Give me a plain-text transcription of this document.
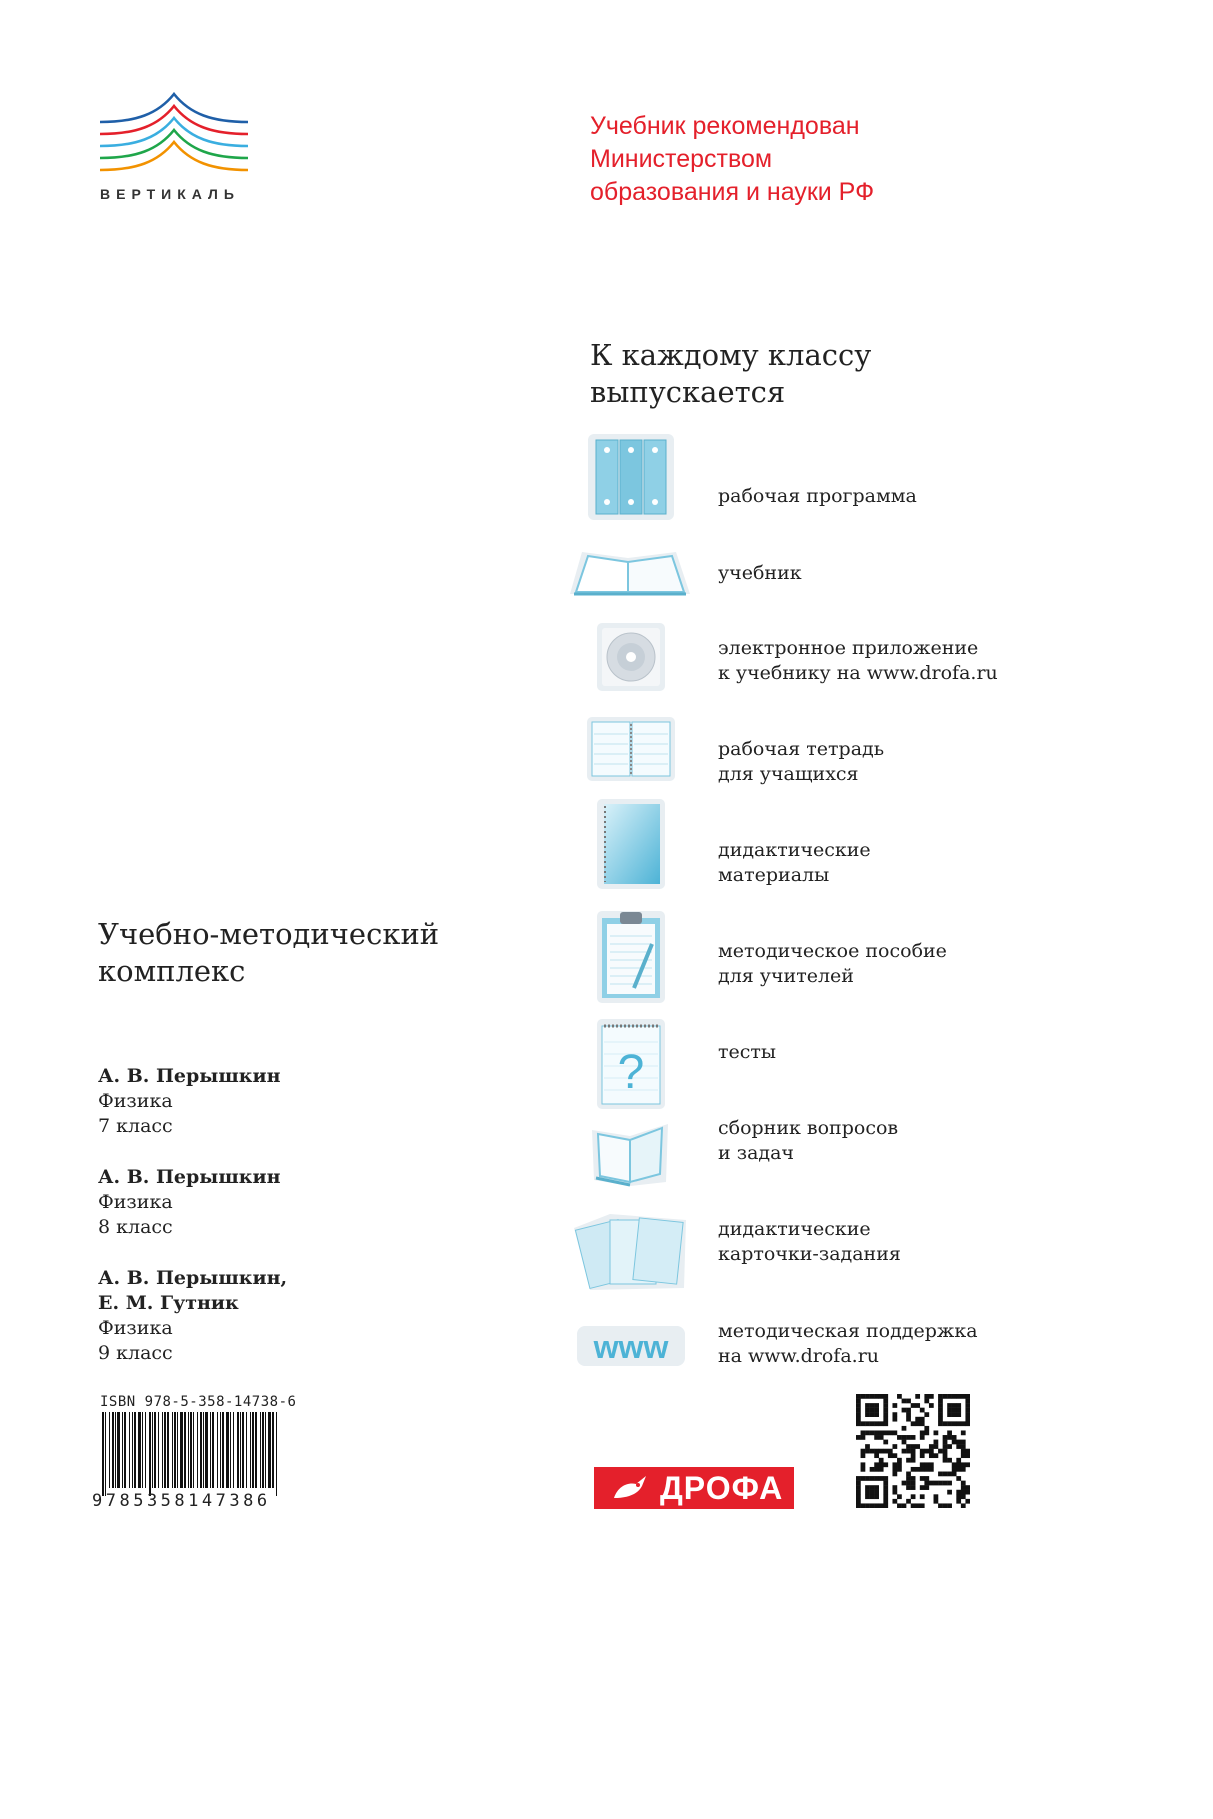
ВЕРТИКАЛЬ
Учебник рекомендован
Министерством
образования и науки РФ
К каждому классу
выпускается
?
www
рабочая программа
учебник
электронное приложение
к учебнику на www.drofa.ru
рабочая тетрадь
для учащихся
дидактические
материалы
методическое пособие
для учителей
тесты
сборник вопросов
и задач
дидактические
карточки-задания
методическая поддержка
на www.drofa.ru
Учебно-методический
комплекс
А. В. Перышкин
Физика
7 класс
А. В. Перышкин
Физика
8 класс
А. В. Перышкин,
Е. М. Гутник
Физика
9 класс
ISBN 978-5-358-14738-6
9785358147386	ДРОФА
